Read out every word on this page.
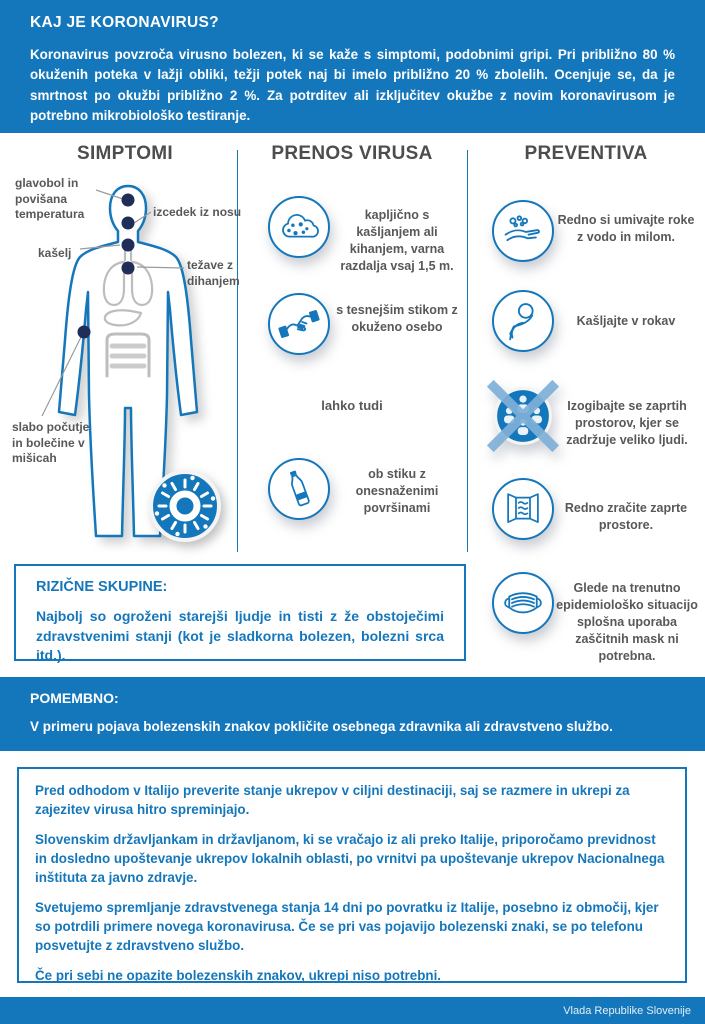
KAJ JE KORONAVIRUS?

Koronavirus povzroča virusno bolezen, ki se kaže s simptomi, podobnimi gripi. Pri približno 80 % okuženih poteka v lažji obliki, težji potek naj bi imelo približno 20 % zbolelih. Ocenjuje se, da je smrtnost po okužbi približno 2 %. Za potrditev ali izključitev okužbe z novim koronavirusom je potrebno mikrobiološko testiranje.

SIMPTOMI	PRENOS VIRUSA	PREVENTIVA
glavobol in povišana temperatura	izcedek iz nosu
kašelj
težave z dihanjem
slabo počutje in bolečine v mišicah
kapljično s kašljanjem ali kihanjem, varna razdalja vsaj 1,5 m.
s tesnejšim stikom z okuženo osebo
lahko tudi
ob stiku z onesnaženimi površinami
Redno si umivajte roke z vodo in milom.
Kašljajte v rokav
Izogibajte se zaprtih prostorov, kjer se zadržuje veliko ljudi.
Redno zračite zaprte prostore.
Glede na trenutno epidemiološko situacijo splošna uporaba zaščitnih mask ni potrebna.
RIZIČNE SKUPINE:

Najbolj so ogroženi starejši ljudje in tisti z že obstoječimi zdravstvenimi stanji (kot je sladkorna bolezen, bolezni srca itd.).

POMEMBNO:

V primeru pojava bolezenskih znakov pokličite osebnega zdravnika ali zdravstveno službo.

Pred odhodom v Italijo preverite stanje ukrepov v ciljni destinaciji, saj se razmere in ukrepi za zajezitev virusa hitro spreminjajo.

Slovenskim državljankam in državljanom, ki se vračajo iz ali preko Italije, priporočamo previdnost in dosledno upoštevanje ukrepov lokalnih oblasti, po vrnitvi pa upoštevanje ukrepov Nacionalnega inštituta za javno zdravje.

Svetujemo spremljanje zdravstvenega stanja 14 dni po povratku iz Italije, posebno iz območij, kjer so potrdili primere novega koronavirusa. Če se pri vas pojavijo bolezenski znaki, se po telefonu posvetujte z zdravstveno službo.

Če pri sebi ne opazite bolezenskih znakov, ukrepi niso potrebni.

Vlada Republike Slovenije
